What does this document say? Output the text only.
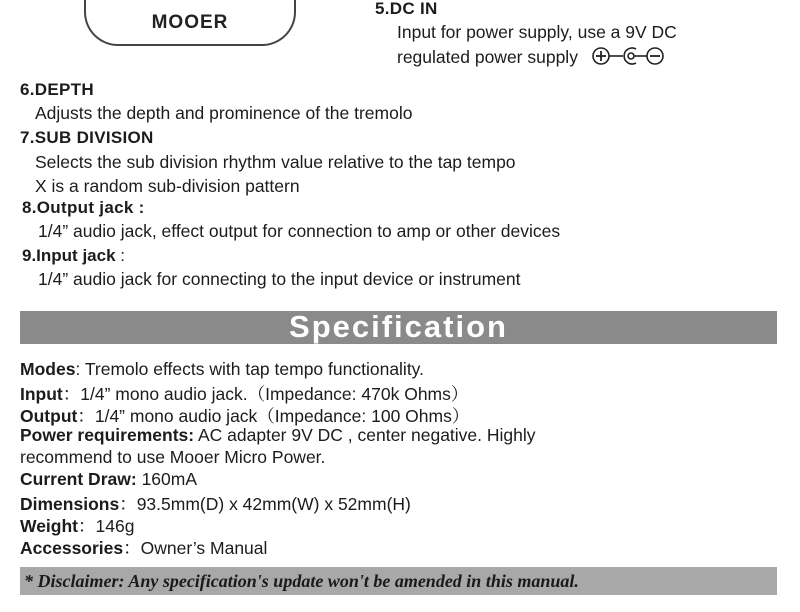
MOOER
5.DC IN
Input for power supply, use a 9V DC
regulated power supply
6.DEPTH
Adjusts the depth and prominence of the tremolo
7.SUB DIVISION
Selects the sub division rhythm value relative to the tap tempo
X is a random sub-division pattern
8.Output jack :
1/4” audio jack, effect output for connection to amp or other devices
9.Input jack :
1/4” audio jack for connecting to the input device or instrument
Specification
Modes: Tremolo effects with tap tempo functionality.
Input：1/4” mono audio jack.（Impedance: 470k Ohms）
Output：1/4” mono audio jack（Impedance: 100 Ohms）
Power requirements: AC adapter 9V DC , center negative. Highly
recommend to use Mooer Micro Power.
Current Draw: 160mA
Dimensions：93.5mm(D) x 42mm(W) x 52mm(H)
Weight：146g
Accessories：Owner’s Manual
* Disclaimer: Any specification's update won't be amended in this manual.
